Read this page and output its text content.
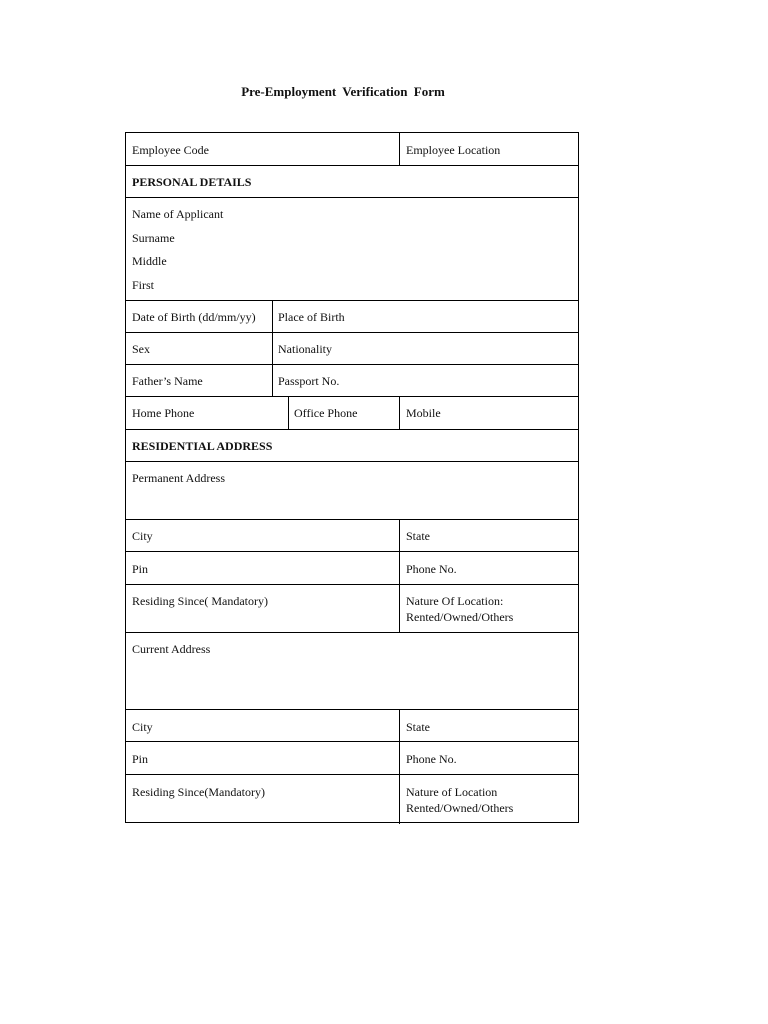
Pre-Employment Verification Form
Employee Code	Employee Location
PERSONAL DETAILS
Name of Applicant
Surname
Middle
First
Date of Birth (dd/mm/yy) Place of Birth
Sex	Nationality
Father’s Name	Passport No.
Home Phone	Office Phone	Mobile
RESIDENTIAL ADDRESS
Permanent Address
City	State
Pin	Phone No.
Residing Since( Mandatory)	Nature Of Location:
Rented/Owned/Others
Current Address
City	State
Pin	Phone No.
Residing Since(Mandatory)	Nature of Location
Rented/Owned/Others
